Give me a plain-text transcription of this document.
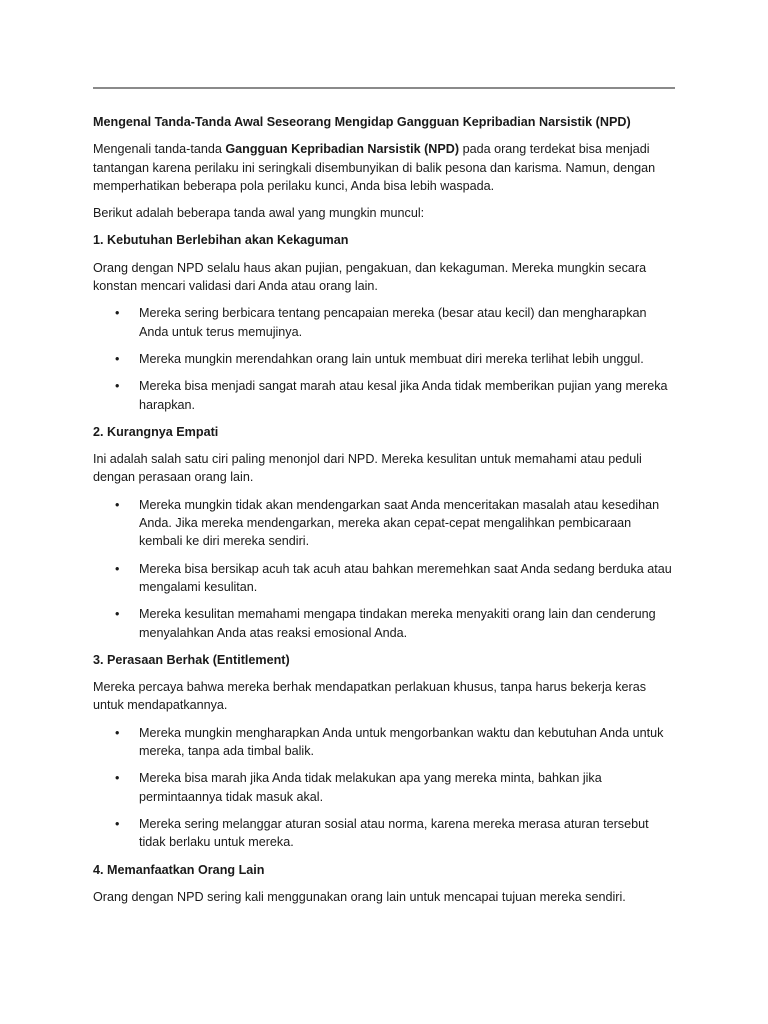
Mengenal Tanda-Tanda Awal Seseorang Mengidap Gangguan Kepribadian Narsistik (NPD)

Mengenali tanda-tanda Gangguan Kepribadian Narsistik (NPD) pada orang terdekat bisa menjadi tantangan karena perilaku ini seringkali disembunyikan di balik pesona dan karisma. Namun, dengan memperhatikan beberapa pola perilaku kunci, Anda bisa lebih waspada.

Berikut adalah beberapa tanda awal yang mungkin muncul:

1. Kebutuhan Berlebihan akan Kekaguman

Orang dengan NPD selalu haus akan pujian, pengakuan, dan kekaguman. Mereka mungkin secara konstan mencari validasi dari Anda atau orang lain.

• Mereka sering berbicara tentang pencapaian mereka (besar atau kecil) dan mengharapkan Anda untuk terus memujinya.
• Mereka mungkin merendahkan orang lain untuk membuat diri mereka terlihat lebih unggul.
• Mereka bisa menjadi sangat marah atau kesal jika Anda tidak memberikan pujian yang mereka harapkan.
2. Kurangnya Empati

Ini adalah salah satu ciri paling menonjol dari NPD. Mereka kesulitan untuk memahami atau peduli dengan perasaan orang lain.

• Mereka mungkin tidak akan mendengarkan saat Anda menceritakan masalah atau kesedihan Anda. Jika mereka mendengarkan, mereka akan cepat-cepat mengalihkan pembicaraan kembali ke diri mereka sendiri.
• Mereka bisa bersikap acuh tak acuh atau bahkan meremehkan saat Anda sedang berduka atau mengalami kesulitan.
• Mereka kesulitan memahami mengapa tindakan mereka menyakiti orang lain dan cenderung menyalahkan Anda atas reaksi emosional Anda.
3. Perasaan Berhak (Entitlement)

Mereka percaya bahwa mereka berhak mendapatkan perlakuan khusus, tanpa harus bekerja keras untuk mendapatkannya.

• Mereka mungkin mengharapkan Anda untuk mengorbankan waktu dan kebutuhan Anda untuk mereka, tanpa ada timbal balik.
• Mereka bisa marah jika Anda tidak melakukan apa yang mereka minta, bahkan jika permintaannya tidak masuk akal.
• Mereka sering melanggar aturan sosial atau norma, karena mereka merasa aturan tersebut tidak berlaku untuk mereka.
4. Memanfaatkan Orang Lain

Orang dengan NPD sering kali menggunakan orang lain untuk mencapai tujuan mereka sendiri.
